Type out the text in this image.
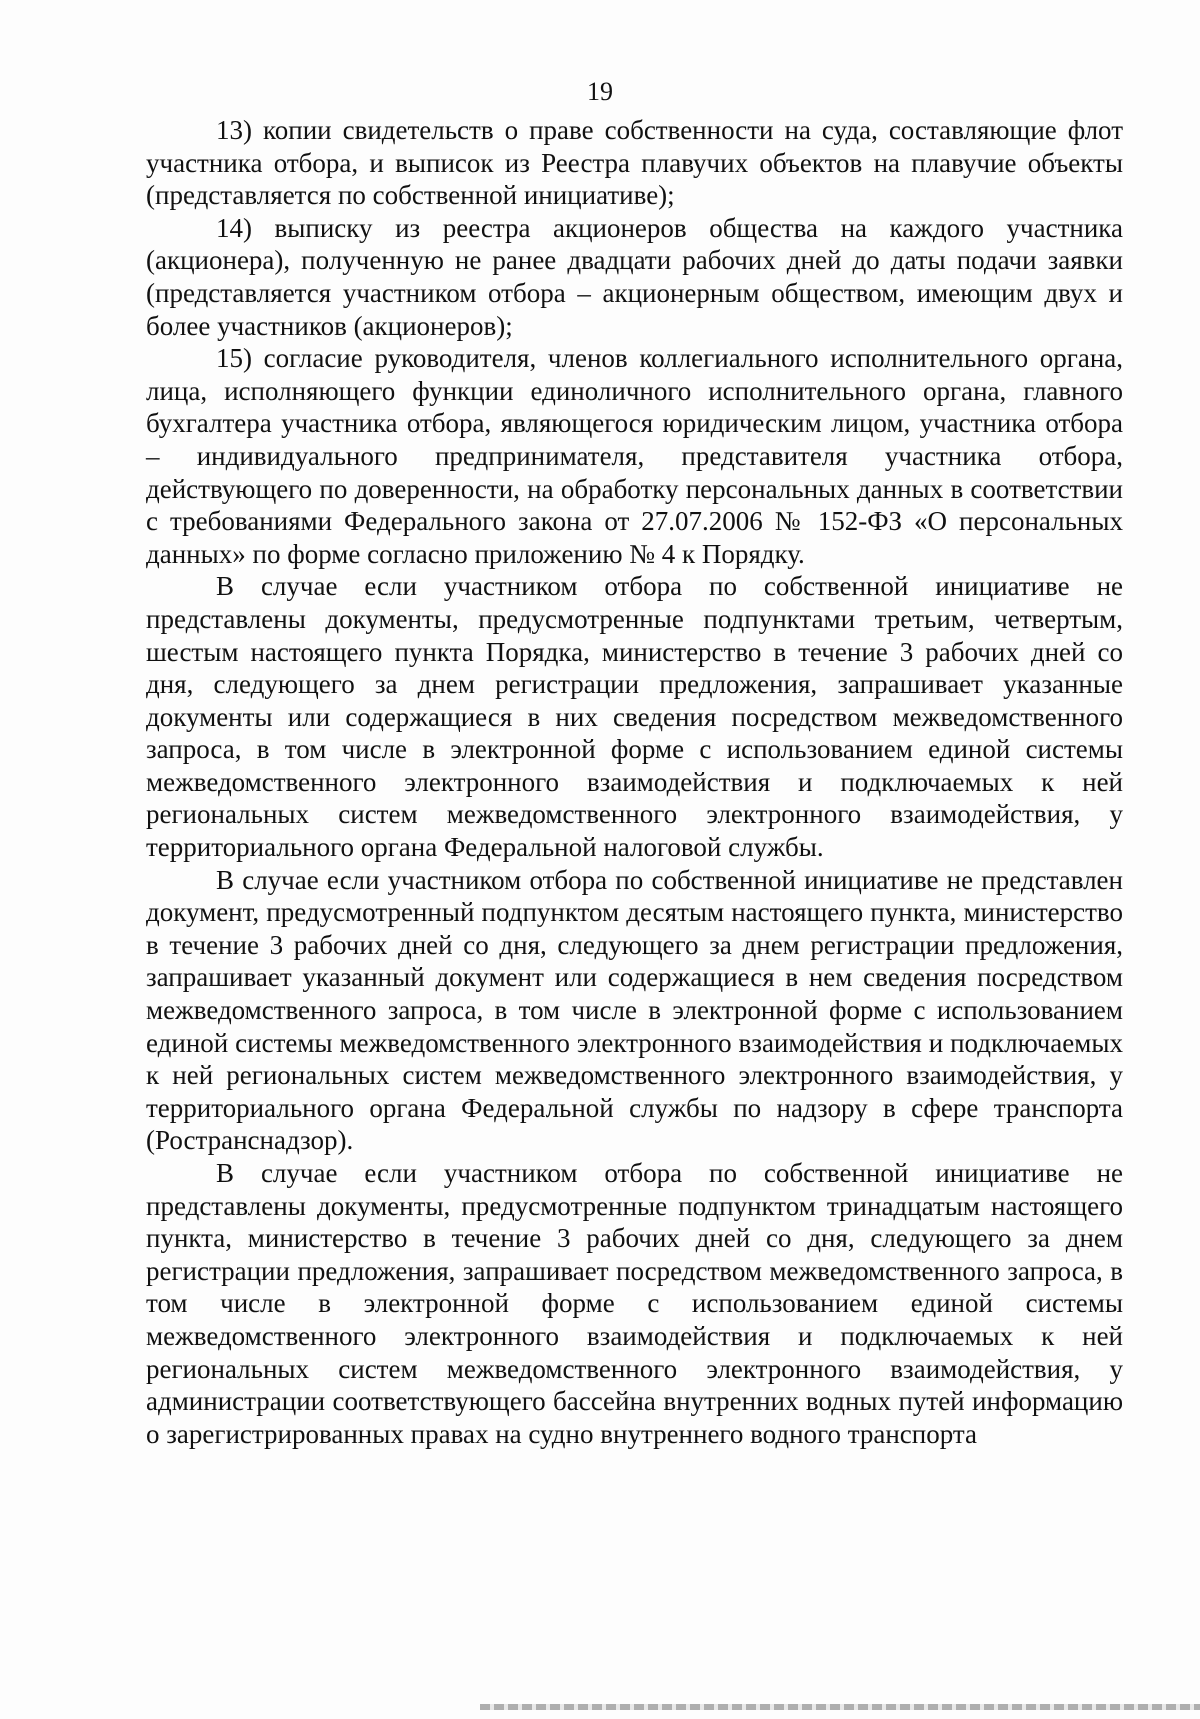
19

13) копии свидетельств о праве собственности на суда, составляющие флот участника отбора, и выписок из Реестра плавучих объектов на плавучие объекты (представляется по собственной инициативе);

14) выписку из реестра акционеров общества на каждого участника (акционера), полученную не ранее двадцати рабочих дней до даты подачи заявки (представляется участником отбора – акционерным обществом, имеющим двух и более участников (акционеров);

15) согласие руководителя, членов коллегиального исполнительного органа, лица, исполняющего функции единоличного исполнительного органа, главного бухгалтера участника отбора, являющегося юридическим лицом, участника отбора – индивидуального предпринимателя, представителя участника отбора, действующего по доверенности, на обработку персональных данных в соответствии с требованиями Федерального закона от 27.07.2006 № 152-ФЗ «О персональных данных» по форме согласно приложению № 4 к Порядку.

В случае если участником отбора по собственной инициативе не представлены документы, предусмотренные подпунктами третьим, четвертым, шестым настоящего пункта Порядка, министерство в течение 3 рабочих дней со дня, следующего за днем регистрации предложения, запрашивает указанные документы или содержащиеся в них сведения посредством межведомственного запроса, в том числе в электронной форме с использованием единой системы межведомственного электронного взаимодействия и подключаемых к ней региональных систем межведомственного электронного взаимодействия, у территориального органа Федеральной налоговой службы.

В случае если участником отбора по собственной инициативе не представлен документ, предусмотренный подпунктом десятым настоящего пункта, министерство в течение 3 рабочих дней со дня, следующего за днем регистрации предложения, запрашивает указанный документ или содержащиеся в нем сведения посредством межведомственного запроса, в том числе в электронной форме с использованием единой системы межведомственного электронного взаимодействия и подключаемых к ней региональных систем межведомственного электронного взаимодействия, у территориального органа Федеральной службы по надзору в сфере транспорта (Ространснадзор).

В случае если участником отбора по собственной инициативе не представлены документы, предусмотренные подпунктом тринадцатым настоящего пункта, министерство в течение 3 рабочих дней со дня, следующего за днем регистрации предложения, запрашивает посредством межведомственного запроса, в том числе в электронной форме с использованием единой системы межведомственного электронного взаимодействия и подключаемых к ней региональных систем межведомственного электронного взаимодействия, у администрации соответствующего бассейна внутренних водных путей информацию о зарегистрированных правах на судно внутреннего водного транспорта
